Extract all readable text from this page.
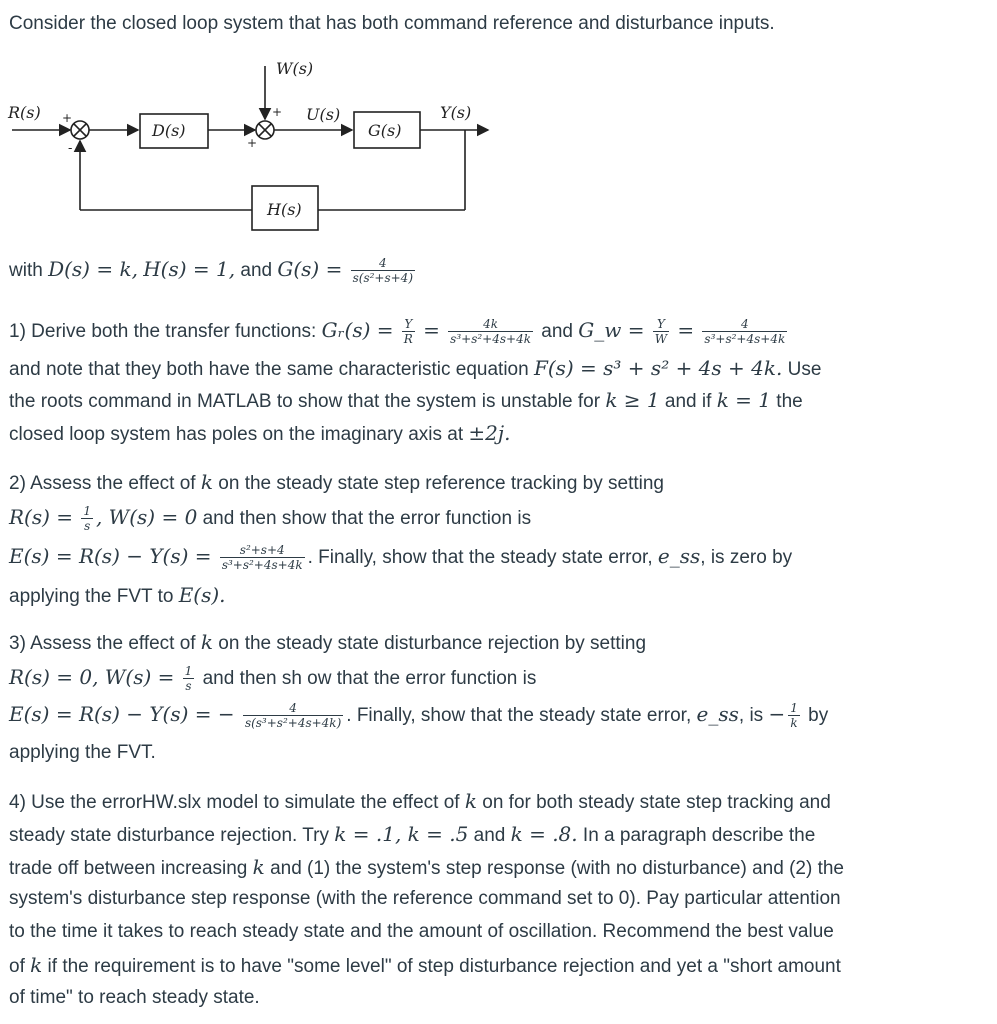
Consider the closed loop system that has both command reference and disturbance inputs.
W(s)
R(s)	U(s)	Y(s)
D(s)	G(s)
H(s)
+
-
+
+
with D(s) = k, H(s) = 1, and $G(s) = \frac{4}{\text{s(s²+s+4)}}$
1) Derive both the transfer functions: Gᵣ(s) = $\frac{Y}{R} = \frac{4k}{\text{s³+s²+4s+4k}}$ and G_w = $\frac{Y}{W} = \frac{4}{\text{s³+s²+4s+4k}}$
and note that they both have the same characteristic equation F(s) = s³ + s² + 4s + 4k. Use
the roots command in MATLAB to show that the system is unstable for k ≥ 1 and if k = 1 the
closed loop system has poles on the imaginary axis at ±2j.
2) Assess the effect of k on the steady state step reference tracking by setting
$R(s) = \frac{1}{s}$ , W(s) = 0 and then show that the error function is
$E(s) = R(s) - Y(s) = \frac{\text{s²+s+4}}{\text{s³+s²+4s+4k}}$ . Finally, show that the steady state error, e_ss, is zero by
applying the FVT to E(s).
3) Assess the effect of k on the steady state disturbance rejection by setting
R(s) = 0, $W(s) = \frac{1}{s}$ and then sh ow that the error function is
E(s) = R(s) − Y(s) = − $\frac{4}{\text{s(s³+s²+4s+4k)}}$ . Finally, show that the steady state error, e_ss, is − $\frac{1}{k}$ by
applying the FVT.
4) Use the errorHW.slx model to simulate the effect of k on for both steady state step tracking and
steady state disturbance rejection. Try k = .1, k = .5 and k = .8. In a paragraph describe the
trade off between increasing k and (1) the system's step response (with no disturbance) and (2) the
system's disturbance step response (with the reference command set to 0). Pay particular attention
to the time it takes to reach steady state and the amount of oscillation. Recommend the best value
of k if the requirement is to have "some level" of step disturbance rejection and yet a "short amount
of time" to reach steady state.
